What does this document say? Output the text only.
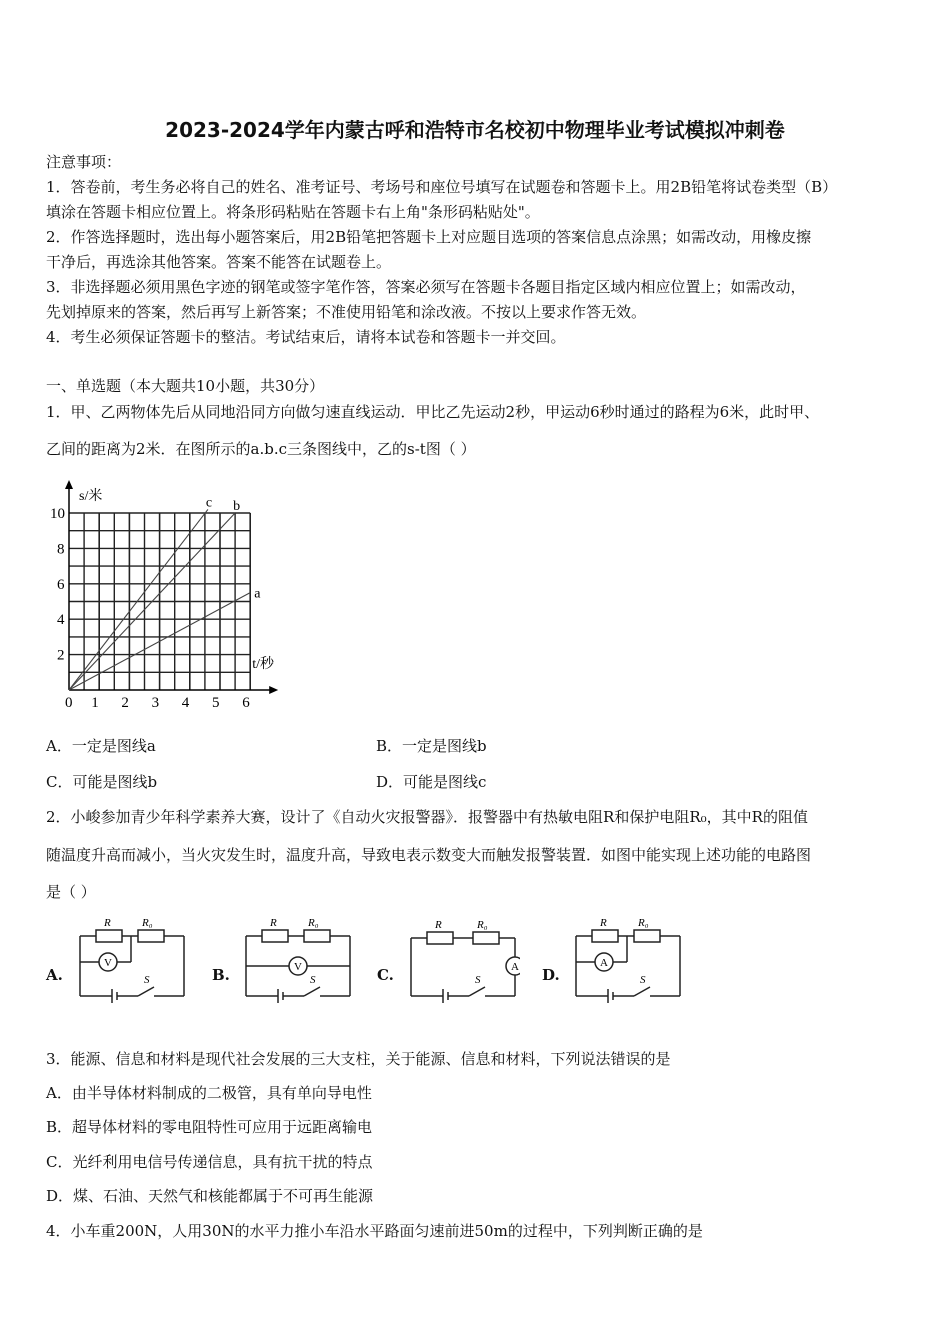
2023-2024学年内蒙古呼和浩特市名校初中物理毕业考试模拟冲刺卷
注意事项：
1．答卷前，考生务必将自己的姓名、准考证号、考场号和座位号填写在试题卷和答题卡上。用2B铅笔将试卷类型（B）
填涂在答题卡相应位置上。将条形码粘贴在答题卡右上角"条形码粘贴处"。
2．作答选择题时，选出每小题答案后，用2B铅笔把答题卡上对应题目选项的答案信息点涂黑；如需改动，用橡皮擦
干净后，再选涂其他答案。答案不能答在试题卷上。
3．非选择题必须用黑色字迹的钢笔或签字笔作答，答案必须写在答题卡各题目指定区域内相应位置上；如需改动，
先划掉原来的答案，然后再写上新答案；不准使用铅笔和涂改液。不按以上要求作答无效。
4．考生必须保证答题卡的整洁。考试结束后，请将本试卷和答题卡一并交回。
一、单选题（本大题共10小题，共30分）
1．甲、乙两物体先后从同地沿同方向做匀速直线运动．甲比乙先运动2秒，甲运动6秒时通过的路程为6米，此时甲、
乙间的距离为2米．在图所示的a.b.c三条图线中，乙的s-t图（ ）
0 1 2 3 4 5 6
2
4
6
8
10
s/米
t/秒
a
b
c
A．一定是图线a	B．一定是图线b
C．可能是图线b	D．可能是图线c
2．小峻参加青少年科学素养大赛，设计了《自动火灾报警器》．报警器中有热敏电阻R和保护电阻R₀，其中R的阻值
随温度升高而减小，当火灾发生时，温度升高，导致电表示数变大而触发报警装置．如图中能实现上述功能的电路图
是（ ）
A.
R	R₀
S
V
B.
R	R₀
S
V	C.
R	R₀
S
A D.
R	R₀
S
A
3．能源、信息和材料是现代社会发展的三大支柱，关于能源、信息和材料，下列说法错误的是
A．由半导体材料制成的二极管，具有单向导电性
B．超导体材料的零电阻特性可应用于远距离输电
C．光纤利用电信号传递信息，具有抗干扰的特点
D．煤、石油、天然气和核能都属于不可再生能源
4．小车重200N，人用30N的水平力推小车沿水平路面匀速前进50m的过程中，下列判断正确的是
